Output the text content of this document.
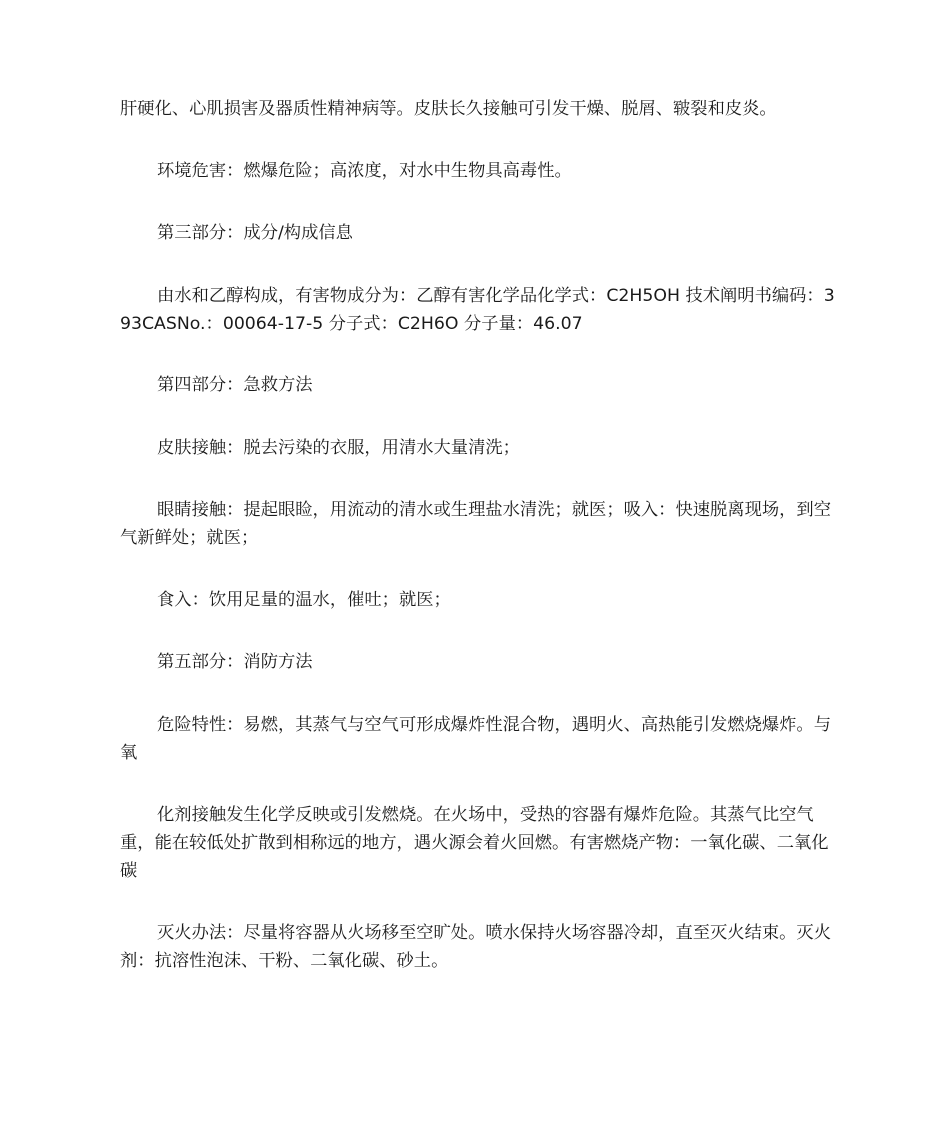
肝硬化、心肌损害及器质性精神病等。皮肤长久接触可引发干燥、脱屑、皲裂和皮炎。

环境危害：燃爆危险；高浓度，对水中生物具高毒性。

第三部分：成分/构成信息

由水和乙醇构成，有害物成分为：乙醇有害化学品化学式：C2H5OH 技术阐明书编码：393CASNo.：00064-17-5 分子式：C2H6O 分子量：46.07

第四部分：急救方法

皮肤接触：脱去污染的衣服，用清水大量清洗；

眼睛接触：提起眼睑，用流动的清水或生理盐水清洗；就医；吸入：快速脱离现场，到空气新鲜处；就医；

食入：饮用足量的温水，催吐；就医；

第五部分：消防方法

危险特性：易燃，其蒸气与空气可形成爆炸性混合物，遇明火、高热能引发燃烧爆炸。与氧

化剂接触发生化学反映或引发燃烧。在火场中，受热的容器有爆炸危险。其蒸气比空气重，能在较低处扩散到相称远的地方，遇火源会着火回燃。有害燃烧产物：一氧化碳、二氧化碳

灭火办法：尽量将容器从火场移至空旷处。喷水保持火场容器冷却，直至灭火结束。灭火剂：抗溶性泡沫、干粉、二氧化碳、砂土。
